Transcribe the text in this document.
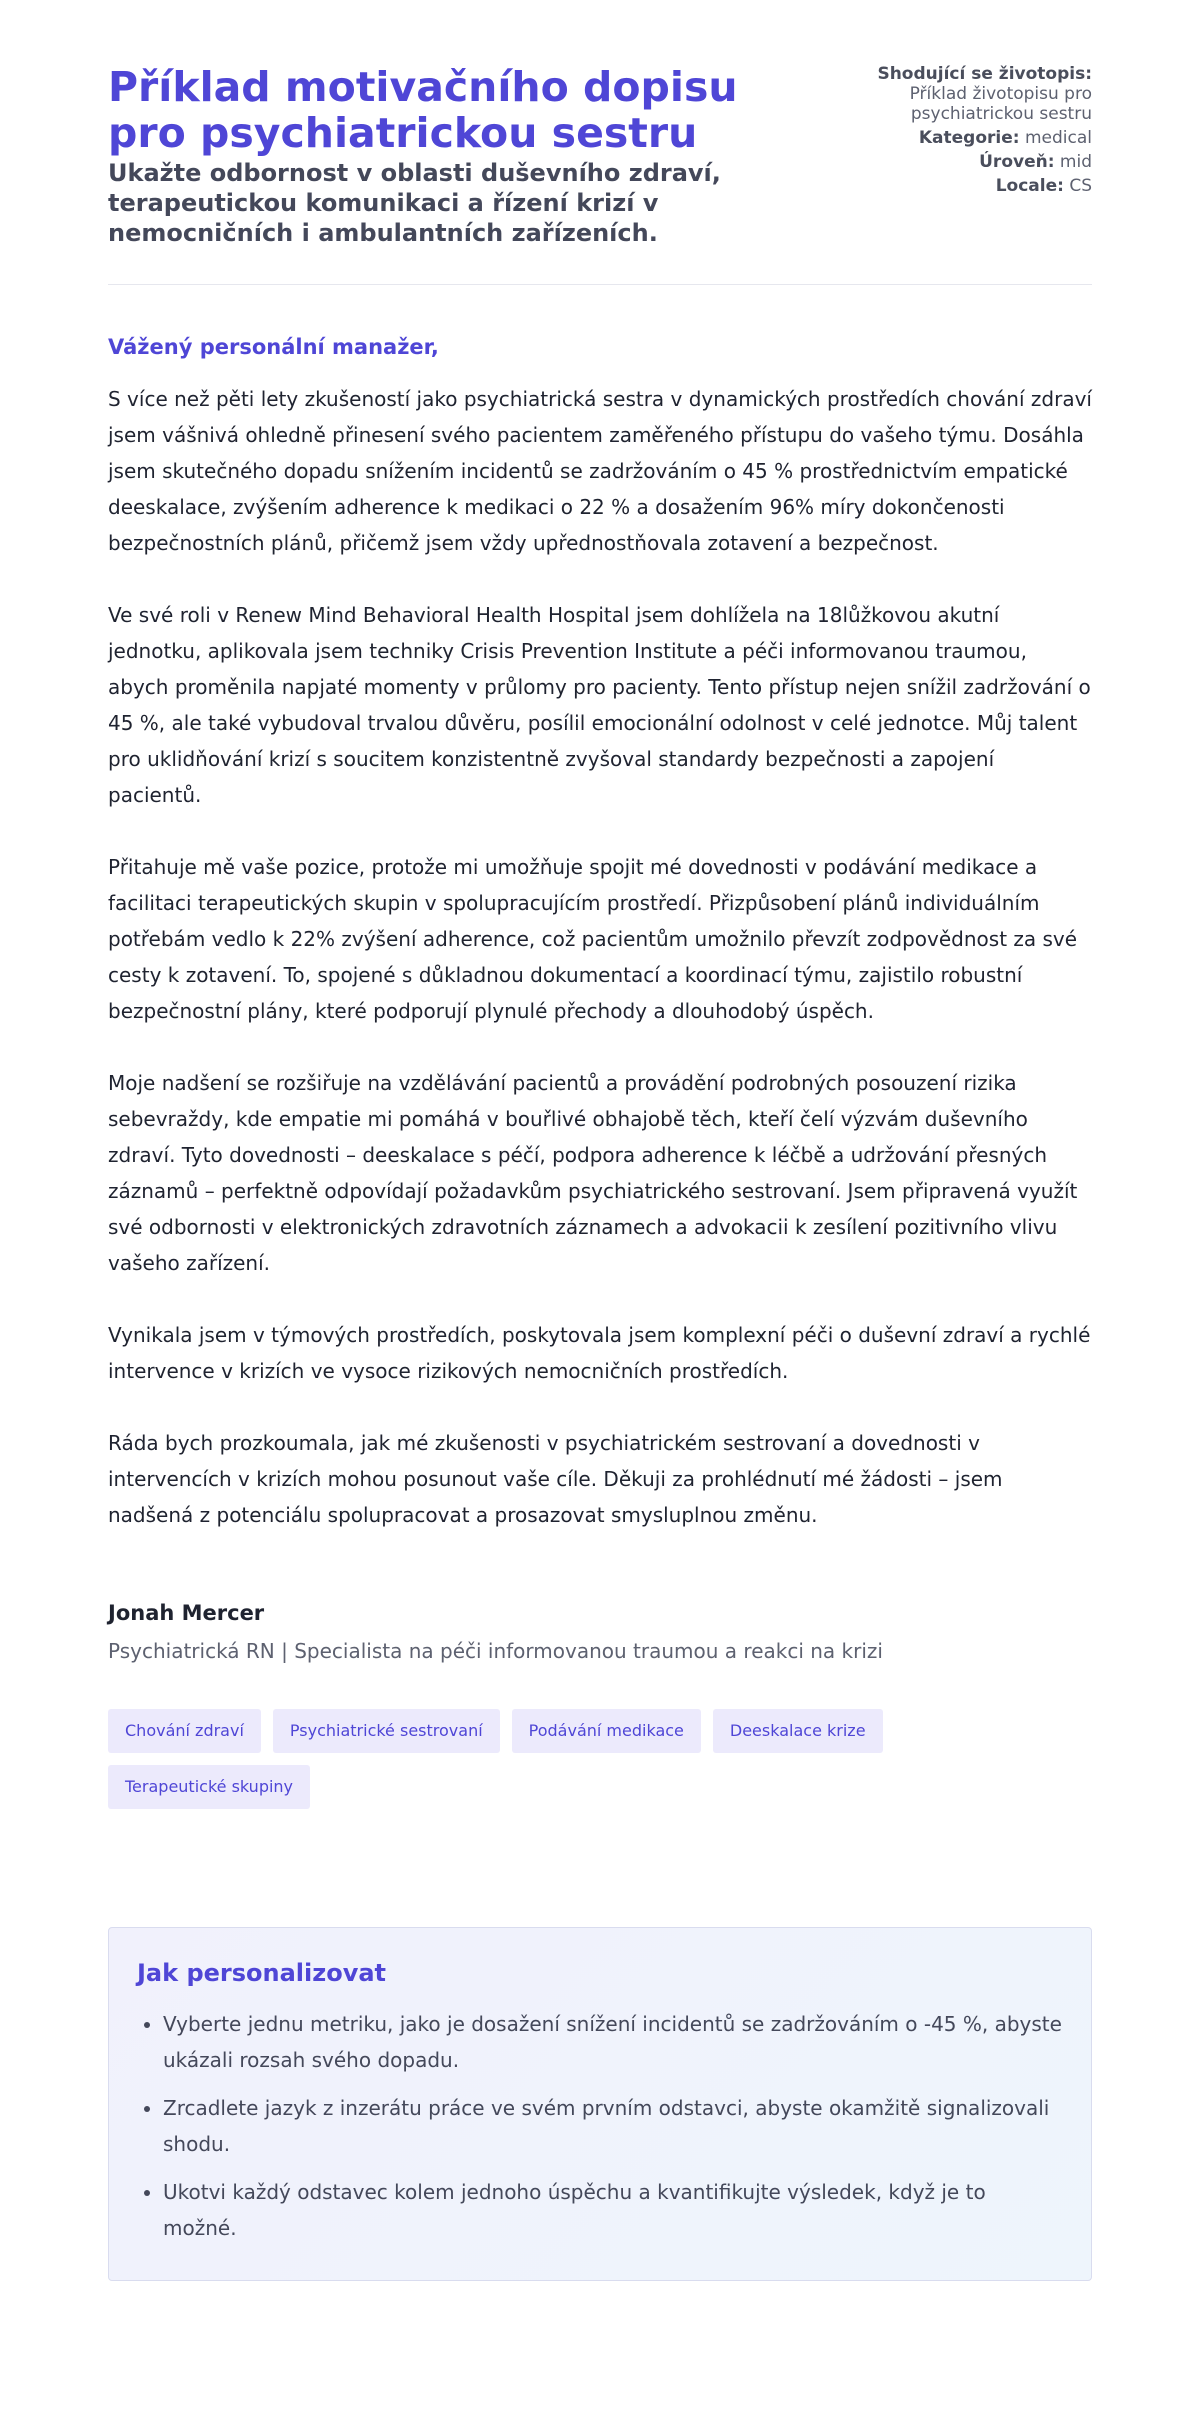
Příklad motivačního dopisu pro psychiatrickou sestru

Ukažte odbornost v oblasti duševního zdraví, terapeutickou komunikaci a řízení krizí v nemocničních i ambulantních zařízeních.

Shodující se životopis:
Příklad životopisu pro psychiatrickou sestru
Kategorie: medical
Úroveň: mid
Locale: CS
Vážený personální manažer,

S více než pěti lety zkušeností jako psychiatrická sestra v dynamických prostředích chování zdraví jsem vášnivá ohledně přinesení svého pacientem zaměřeného přístupu do vašeho týmu. Dosáhla jsem skutečného dopadu snížením incidentů se zadržováním o 45 % prostřednictvím empatické deeskalace, zvýšením adherence k medikaci o 22 % a dosažením 96% míry dokončenosti bezpečnostních plánů, přičemž jsem vždy upřednostňovala zotavení a bezpečnost.

Ve své roli v Renew Mind Behavioral Health Hospital jsem dohlížela na 18lůžkovou akutní jednotku, aplikovala jsem techniky Crisis Prevention Institute a péči informovanou traumou, abych proměnila napjaté momenty v průlomy pro pacienty. Tento přístup nejen snížil zadržování o 45 %, ale také vybudoval trvalou důvěru, posílil emocionální odolnost v celé jednotce. Můj talent pro uklidňování krizí s soucitem konzistentně zvyšoval standardy bezpečnosti a zapojení pacientů.

Přitahuje mě vaše pozice, protože mi umožňuje spojit mé dovednosti v podávání medikace a facilitaci terapeutických skupin v spolupracujícím prostředí. Přizpůsobení plánů individuálním potřebám vedlo k 22% zvýšení adherence, což pacientům umožnilo převzít zodpovědnost za své cesty k zotavení. To, spojené s důkladnou dokumentací a koordinací týmu, zajistilo robustní bezpečnostní plány, které podporují plynulé přechody a dlouhodobý úspěch.

Moje nadšení se rozšiřuje na vzdělávání pacientů a provádění podrobných posouzení rizika sebevraždy, kde empatie mi pomáhá v bouřlivé obhajobě těch, kteří čelí výzvám duševního zdraví. Tyto dovednosti – deeskalace s péčí, podpora adherence k léčbě a udržování přesných záznamů – perfektně odpovídají požadavkům psychiatrického sestrovaní. Jsem připravená využít své odbornosti v elektronických zdravotních záznamech a advokacii k zesílení pozitivního vlivu vašeho zařízení.

Vynikala jsem v týmových prostředích, poskytovala jsem komplexní péči o duševní zdraví a rychlé intervence v krizích ve vysoce rizikových nemocničních prostředích.

Ráda bych prozkoumala, jak mé zkušenosti v psychiatrickém sestrovaní a dovednosti v intervencích v krizích mohou posunout vaše cíle. Děkuji za prohlédnutí mé žádosti – jsem nadšená z potenciálu spolupracovat a prosazovat smysluplnou změnu.

Jonah Mercer

Psychiatrická RN | Specialista na péči informovanou traumou a reakci na krizi

Chování zdraví	Psychiatrické sestrovaní	Podávání medikace	Deeskalace krize
Terapeutické skupiny
Jak personalizovat
• Vyberte jednu metriku, jako je dosažení snížení incidentů se zadržováním o -45 %, abyste ukázali rozsah svého dopadu.
• Zrcadlete jazyk z inzerátu práce ve svém prvním odstavci, abyste okamžitě signalizovali shodu.
• Ukotvi každý odstavec kolem jednoho úspěchu a kvantifikujte výsledek, když je to možné.
